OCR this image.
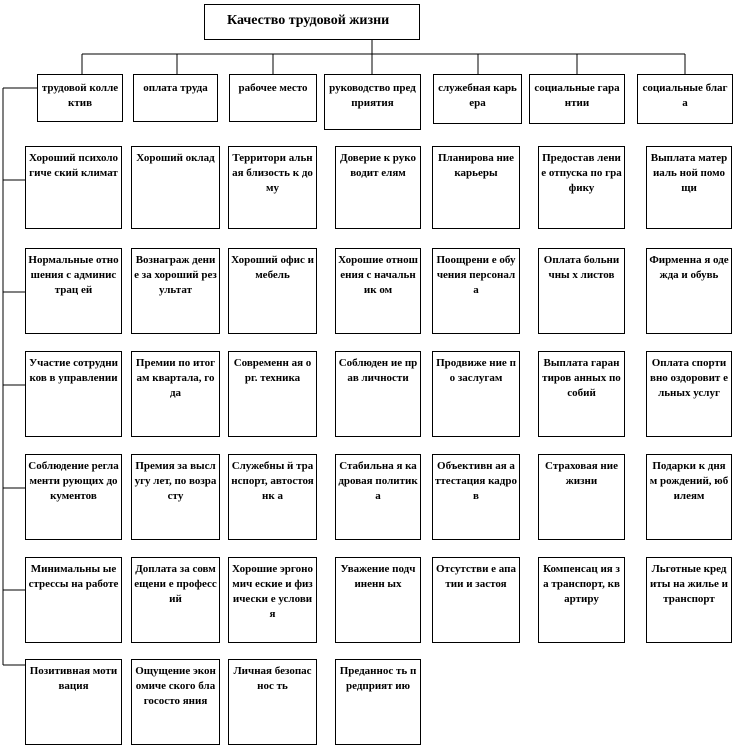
Качество трудовой жизни
трудовой коллектив
оплата труда	рабочее место	руководство предприятия
служебная карьера
социальные гарантии
социальные блага
Хороший психологиче ский климат
Нормальные отношения с администрац ей
Участие сотрудников в управлении
Соблюдение регламенти рующих документов
Минимальны ые стрессы на работе
Позитивная мотивация
Хороший оклад
Вознаграж дение за хороший результат
Премии по итогам квартала, года
Премия за выслугу лет, по возрасту
Доплата за совмещени е профессий
Ощущение экономиче ского благососто яния
Территори альная близость к дому
Хороший офис и мебель
Современн ая орг. техника
Служебны й транспорт, автостоянк а
Хорошие эргономич еские и физически е условия
Личная безопаснос ть
Доверие к руководит елям
Хорошие отношения с начальник ом
Соблюден ие прав личности
Стабильна я кадровая политика
Уважение подчиненн ых
Преданнос ть предприят ию
Планирова ние карьеры
Поощрени е обучения персонала
Продвиже ние по заслугам
Объективн ая аттестация кадров
Отсутстви е апатии и застоя
Предостав ление отпуска по графику
Оплата больничны х листов
Выплата гарантиров анных пособий
Страховая ние жизни
Компенсац ия за транспорт, квартиру
Выплата материаль ной помощи
Фирменна я одежда и обувь
Оплата спортивно оздоровит ельных услуг
Подарки к дням рождений, юбилеям
Льготные кредиты на жилье и транспорт
